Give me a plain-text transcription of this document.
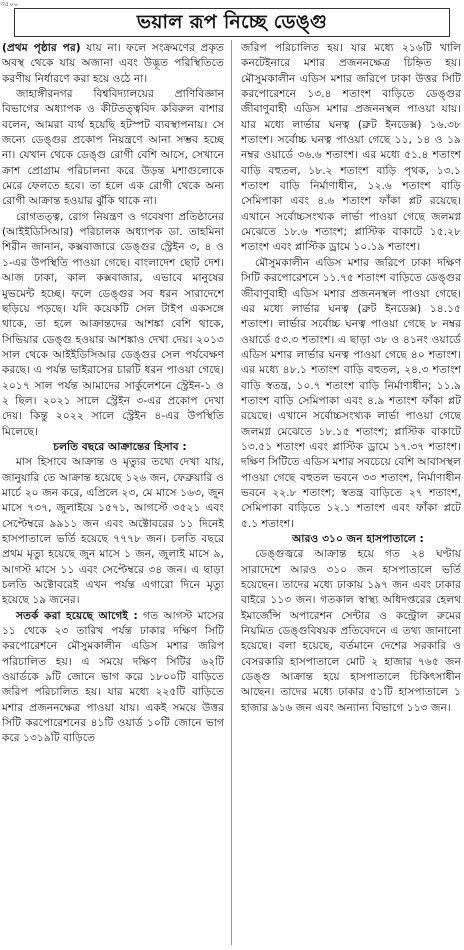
৩৫০০
ভয়াল রূপ নিচ্ছে ডেঙ্গু

(প্রথম পৃষ্ঠার পর) যায় না। ফলে সংক্রমণের প্রকৃত অবস্থ থেকে যায় অজানা এবং উদ্ভূত পরিস্থিতিতে করণীয় নির্ধারণে করা হয়ে ওঠে না।

জাহাঙ্গীরনগর বিশ্ববিদ্যালয়ের প্রাণিবিজ্ঞান বিভাগের অধ্যাপক ও কীটতত্ত্ববিদ কবিরুল বাশার বলেন, আমরা ব্যর্থ হয়েছি হটস্পট ব্যবস্থাপনায়। সে জন্যে ডেঙ্গুর প্রকোপ নিয়ন্ত্রণে আনা সম্ভব হচ্ছে না। যেখান থেকে ডেঙ্গু রোগী বেশি আসে, সেখানে ক্রাশ প্রোগ্রাম পরিচালনা করে উড়ন্ত মশাগুলোকে মেরে ফেলতে হবে। তা হলে এক রোগী থেকে অন্য রোগী আক্রান্ত হওয়ার ঝুঁকি থাকে না।

রোগতত্ত্ব, রোগ নিয়ন্ত্রণ ও গবেষণা প্রতিষ্ঠানের (আইইডিসিআর) পরিচালক অধ্যাপক ডা. তাহমিনা শিরীন জানান, কক্সবাজারে ডেঙ্গুর স্ট্রেইন ৩, ৪ ও ১-এর উপস্থিতি পাওয়া গেছে। বাংলাদেশ ছোট দেশ। আজ ঢাকা, কাল কক্সবাজার, এভাবে মানুষের মুভমেন্ট হচ্ছে। ফলে ডেঙ্গুর সব ধরন সারাদেশে ছড়িয়ে পড়ছে। যদি কয়েকটি সেল টাইপ একসঙ্গে থাকে, তা হলে আক্রান্তদের আশঙ্কা বেশি থাকে, সিভিয়ার ডেঙ্গু হওয়ার আশঙ্কাও দেখা দেয়। ২০১৩ সাল থেকে আইইডিসিআর ডেঙ্গুর সেল পর্যবেক্ষণ করছে। এ পর্যন্ত ভাইরাসের চারটি ধরন পাওয়া গেছে। ২০১৭ সাল পর্যন্ত আমাদের সার্কুলেশনে স্ট্রেইন-১ ও ২ ছিল। ২০২১ সালে স্ট্রেইন ৩-এর প্রকোপ দেখা দেয়। কিন্তু ২০২২ সালে স্ট্রেইন ৪-এর উপস্থিতি মিলেছে।

চলতি বছরে আক্রান্তের হিসাব :

মাস হিসাবে আক্রান্ত ও মৃত্যুর তথ্যে দেখা যায়, জানুয়ারি তে আক্রান্ত হয়েছে ১২৬ জন, ফেব্রুয়ারি ও মার্চে ২০ জন করে, এপ্রিলে ২৩, মে মাসে ১৬৩, জুন মাসে ৭৩৭, জুলাইয়ে ১৫৭১, আগস্টে ৩৫২১ এবং সেপ্টেম্বরে ৯৯১১ জন এবং অক্টোবরের ১১ দিনেই হাসপাতালে ভর্তি হয়েছে ৭৭৭৮ জন। চলতি বছরে প্রথম মৃত্যু হয়েছে জুন মাসে ১ জন, জুলাই মাসে ৯, আগস্ট মাসে ১১ এবং সেপ্টেম্বরে ৩৪ জন। এ ছাড়া চলতি অক্টোবরেই এখন পর্যন্ত এগারো দিনে মৃত্যু হয়েছে ১৯ জনের।

সতর্ক করা হয়েছে আগেই : গত আগস্ট মাসের ১১ থেকে ২৩ তারিখ পর্যন্ত ঢাকার দক্ষিণ সিটি করপোরেশনে মৌসুমকালীন এডিস মশার জরিপ পরিচালিত হয়। এ সময়ে দক্ষিণ সিটির ৬২টি ওয়ার্ডকে ৯টি জোনে ভাগ করে ১৮০০টি বাড়িতে জরিপ পরিচালিত হয়। যার মধ্যে ২২৫টি বাড়িতে মশার প্রজননক্ষেত্র পাওয়া যায়। একই সময়ে উত্তর সিটি করপোরেশনের ৪১টি ওয়ার্ড ১০টি জোনে ভাগ করে ১৩১৯টি বাড়িতে

জরিপ পরিচালিত হয়। যার মধ্যে ২১৬টি খালি কনটেইনারে মশার প্রজননক্ষেত্র চিহ্নিত হয়। মৌসুমকালীন এডিস মশার জরিপে ঢাকা উত্তর সিটি করপোরেশনে ১৩.৪ শতাংশ বাড়িতে ডেঙ্গুর জীবাণুবাহী এডিস মশার প্রজননস্থল পাওয়া যায়। যার মধ্যে লার্ভার ঘনত্ব (ব্রুট ইনডেক্স) ১৬.৩৮ শতাংশ। সর্বোচ্চ ঘনত্ব পাওয়া গেছে ১১, ১৪ ও ১৯ নম্বর ওয়ার্ডে ৩৬.৬ শতাংশ। এর মধ্যে ৫১.৪ শতাংশ বাড়ি বহুতল, ১৮.২ শতাংশ বাড়ি পৃথক, ১৩.১ শতাংশ বাড়ি নির্মাণাধীন, ১২.৬ শতাংশ বাড়ি সেমিপাকা এবং ৪.৬ শতাংশ ফাঁকা প্লট রয়েছে। এখানে সর্বোচ্চসংখ্যক লার্ভা পাওয়া গেছে জলমগ্ন মেঝেতে ১৮.৬ শতাংশ; প্লাস্টিক বাকাটে ১৫.২৮ শতাংশ এবং প্লাস্টিক ড্রামে ১০.১৯ শতাংশ।

মৌসুমকালীন এডিস মশার জরিপে ঢাকা দক্ষিণ সিটি করপোরেশনে ১১.৭৫ শতাংশ বাড়িতে ডেঙ্গুর জীবাণুবাহী এডিস মশার প্রজননস্থল পাওয়া গেছে। এর মধ্যে লার্ভার ঘনত্ব (ব্রুট ইনডেক্স) ১৪.১৫ শতাংশ। লার্ভার সর্বোচ্চ ঘনত্ব পাওয়া গেছে ৮ নম্বর ওয়ার্ডে ৫৩.৩ শতাংশ। এ ছাড়া ৩৮ ও ৪১নং ওয়ার্ডে এডিস মশার লার্ভার ঘনত্ব পাওয়া গেছে ৪০ শতাংশ। এর মধ্যে ৪৮.১ শতাংশ বাড়ি বহুতল, ২৪.৩ শতাংশ বাড়ি স্বতন্ত্র, ১০.৭ শতাংশ বাড়ি নির্মাণাধীন; ১১.৯ শতাংশ বাড়ি সেমিপাকা এবং ৪.৯ শতাংশ ফাঁকা প্লট রয়েছে। এখানে সর্বোচ্চসংখ্যক লার্ভা পাওয়া গেছে জলমগ্ন মেঝেতে ১৮.১৫ শতাংশ; প্লাস্টিক বাকাটে ১৩.৫১ শতাংশ এবং প্লাস্টিক ড্রামে ১৭.৩৭ শতাংশ। দক্ষিণ সিটিতে এডিস মশার সবচেয়ে বেশি আবাসস্থল পাওয়া গেছে বহুতল ভবনে ৩৩ শতাংশ, নির্মাণাধীন ভবনে ২২.৮ শতাংশ; স্বতন্ত্র বাড়িতে ২৭ শতাংশ, সেমিপাকা বাড়িতে ১২.১ শতাংশ এবং ফাঁকা প্লটে ৫.১ শতাংশ।

আরও ৩১০ জন হাসপাতালে :

ডেঙ্গুজ্বরে আক্রান্ত হয়ে গত ২৪ ঘণ্টায় সারাদেশে আরও ৩১০ জন হাসপাতালে ভর্তি হয়েছেন। তাদের মধ্যে ঢাকায় ১৯৭ জন এবং ঢাকার বাইরে ১১৩ জন। গতকাল স্বাস্থ্য অধিদপ্তরের হেলথ ইমার্জেন্সি অপারেশন সেন্টার ও কন্ট্রোল রুমের নিয়মিত ডেঙ্গুবিষয়ক প্রতিবেদনে এ তথ্য জানানো হয়েছে। বলা হয়েছে, বর্তমানে দেশের সরকারি ও বেসরকারি হাসপাতালে মোট ২ হাজার ৭৬৫ জন ডেঙ্গু আক্রান্ত হয়ে হাসপাতালে চিকিৎসাধীন আছেন। তাদের মধ্যে ঢাকার ৫১টি হাসপাতালে ১ হাজার ৯১৬ জন এবং অন্যান্য বিভাগে ১১৩ জন।
